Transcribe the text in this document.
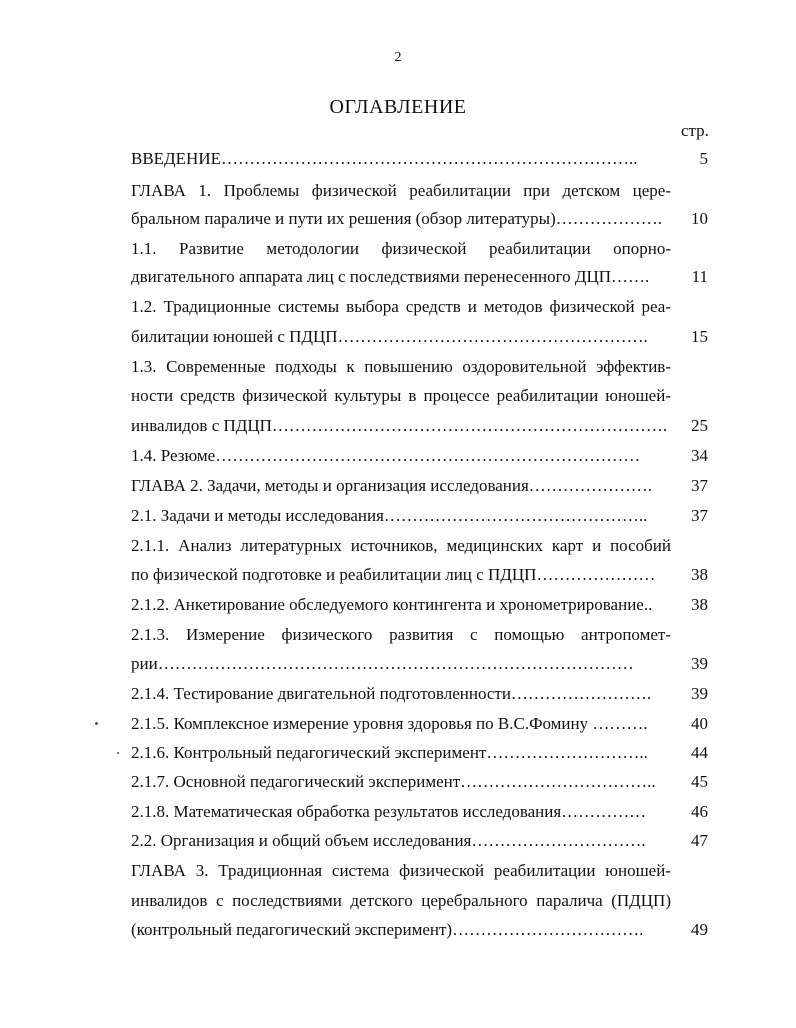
2
ОГЛАВЛЕНИЕ
стр.
ВВЕДЕНИЕ………………………………………………………………..	5
ГЛАВА 1. Проблемы физической реабилитации при детском цере-
бральном параличе и пути их решения (обзор литературы)……………….	10
1.1. Развитие методологии физической реабилитации опорно-
двигательного аппарата лиц с последствиями перенесенного ДЦП…….	11
1.2. Традиционные системы выбора средств и методов физической реа-
билитации юношей с ПДЦП……………………………………………….	15
1.3. Современные подходы к повышению оздоровительной эффектив-
ности средств физической культуры в процессе реабилитации юношей-
инвалидов с ПДЦП…………………………………………………………….	25
1.4. Резюме…………………………………………………………………	34
ГЛАВА 2. Задачи, методы и организация исследования………………….	37
2.1. Задачи и методы исследования………………………………………..	37
2.1.1. Анализ литературных источников, медицинских карт и пособий
по физической подготовке и реабилитации лиц с ПДЦП…………………	38
2.1.2. Анкетирование обследуемого контингента и хронометрирование..	38
2.1.3. Измерение физического развития с помощью антропомет-
рии…………………………………………………………………………	39
2.1.4. Тестирование двигательной подготовленности…………………….	39
2.1.5. Комплексное измерение уровня здоровья по В.С.Фомину ……….	40
2.1.6. Контрольный педагогический эксперимент………………………..	44
2.1.7. Основной педагогический эксперимент……………………………..	45
2.1.8. Математическая обработка результатов исследования……………	46
2.2. Организация и общий объем исследования………………………….	47
ГЛАВА 3. Традиционная система физической реабилитации юношей-
инвалидов с последствиями детского церебрального паралича (ПДЦП)
(контрольный педагогический эксперимент)…………………………….	49
